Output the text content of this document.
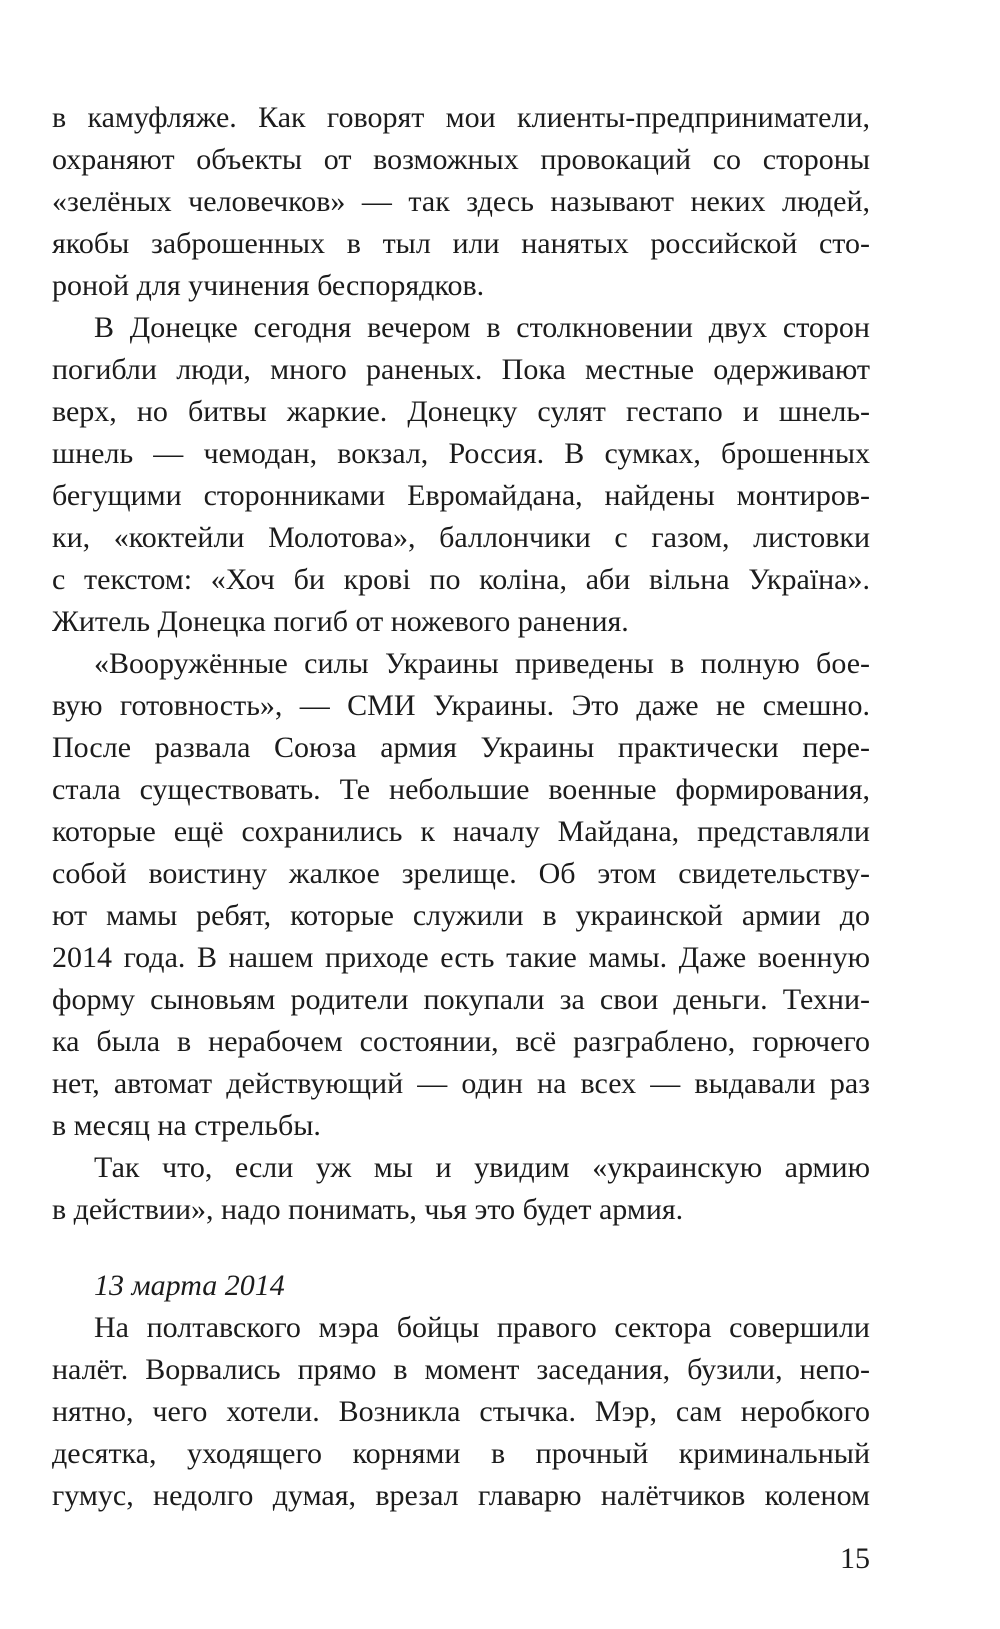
в камуфляже. Как говорят мои клиенты-предприниматели,
охраняют объекты от возможных провокаций со стороны
«зелёных человечков» — так здесь называют неких людей,
якобы заброшенных в тыл или нанятых российской сто-
роной для учинения беспорядков.
В Донецке сегодня вечером в столкновении двух сторон
погибли люди, много раненых. Пока местные одерживают
верх, но битвы жаркие. Донецку сулят гестапо и шнель-
шнель — чемодан, вокзал, Россия. В сумках, брошенных
бегущими сторонниками Евромайдана, найдены монтиров-
ки, «коктейли Молотова», баллончики с газом, листовки
с текстом: «Хоч би крові по коліна, аби вільна Україна».
Житель Донецка погиб от ножевого ранения.
«Вооружённые силы Украины приведены в полную бое-
вую готовность», — СМИ Украины. Это даже не смешно.
После развала Союза армия Украины практически пере-
стала существовать. Те небольшие военные формирования,
которые ещё сохранились к началу Майдана, представляли
собой воистину жалкое зрелище. Об этом свидетельству-
ют мамы ребят, которые служили в украинской армии до
2014 года. В нашем приходе есть такие мамы. Даже военную
форму сыновьям родители покупали за свои деньги. Техни-
ка была в нерабочем состоянии, всё разграблено, горючего
нет, автомат действующий — один на всех — выдавали раз
в месяц на стрельбы.
Так что, если уж мы и увидим «украинскую армию
в действии», надо понимать, чья это будет армия.
13 марта 2014
На полтавского мэра бойцы правого сектора совершили
налёт. Ворвались прямо в момент заседания, бузили, непо-
нятно, чего хотели. Возникла стычка. Мэр, сам неробкого
десятка, уходящего корнями в прочный криминальный
гумус, недолго думая, врезал главарю налётчиков коленом
15
